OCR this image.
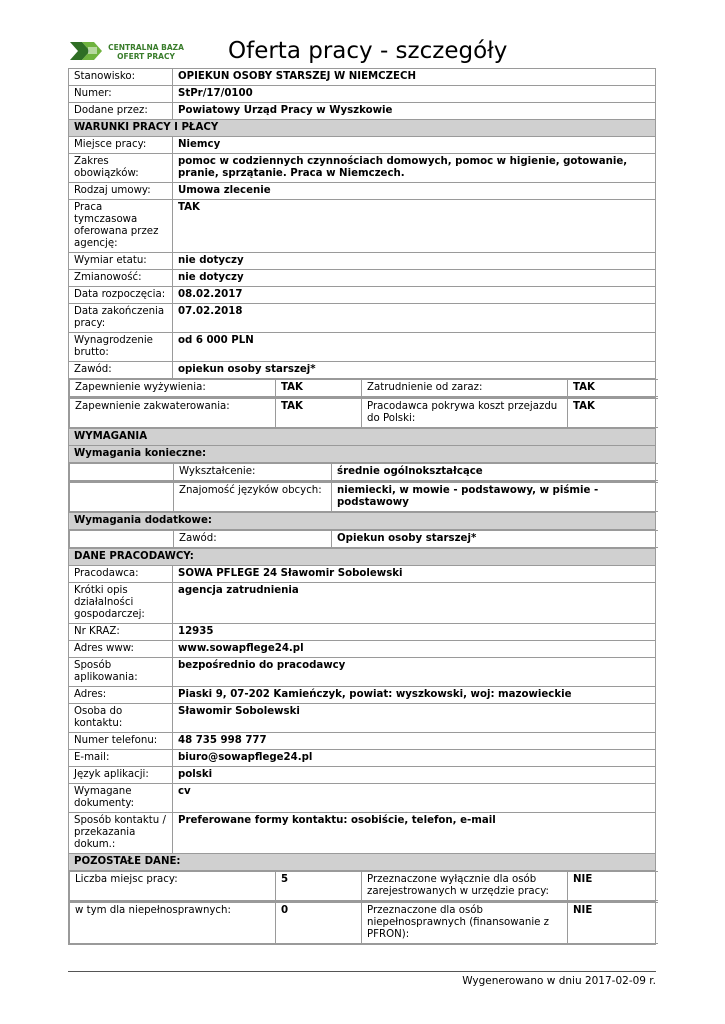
CENTRALNA BAZA
OFERT PRACY	Oferta pracy - szczegóły
Stanowisko:	OPIEKUN OSOBY STARSZEJ W NIEMCZECH
Numer:	StPr/17/0100
Dodane przez:	Powiatowy Urząd Pracy w Wyszkowie
WARUNKI PRACY I PŁACY
Miejsce pracy:	Niemcy
Zakres obowiązków:	pomoc w codziennych czynnościach domowych, pomoc w higienie, gotowanie, pranie, sprzątanie. Praca w Niemczech.
Rodzaj umowy:	Umowa zlecenie
Praca tymczasowa oferowana przez agencję:	TAK
Wymiar etatu:	nie dotyczy
Zmianowość:	nie dotyczy
Data rozpoczęcia:	08.02.2017
Data zakończenia pracy:	07.02.2018
Wynagrodzenie brutto:	od 6 000 PLN
Zawód:	opiekun osoby starszej*

Zapewnienie wyżywienia:	TAK	Zatrudnienie od zaraz:	TAK

Zapewnienie zakwaterowania:	TAK	Pracodawca pokrywa koszt przejazdu do Polski:	TAK

WYMAGANIA
Wymagania konieczne:

	Wykształcenie:	średnie ogólnokształcące

	Znajomość języków obcych:	niemiecki, w mowie - podstawowy, w piśmie - podstawowy

Wymagania dodatkowe:

	Zawód:	Opiekun osoby starszej*

DANE PRACODAWCY:
Pracodawca:	SOWA PFLEGE 24 Sławomir Sobolewski
Krótki opis działalności gospodarczej:	agencja zatrudnienia
Nr KRAZ:	12935
Adres www:	www.sowapflege24.pl
Sposób aplikowania:	bezpośrednio do pracodawcy
Adres:	Piaski 9, 07-202 Kamieńczyk, powiat: wyszkowski, woj: mazowieckie
Osoba do kontaktu:	Sławomir Sobolewski
Numer telefonu:	48 735 998 777
E-mail:	biuro@sowapflege24.pl
Język aplikacji:	polski
Wymagane dokumenty:	cv
Sposób kontaktu / przekazania dokum.:	Preferowane formy kontaktu: osobiście, telefon, e-mail
POZOSTAŁE DANE:

Liczba miejsc pracy:	5	Przeznaczone wyłącznie dla osób zarejestrowanych w urzędzie pracy:	NIE

w tym dla niepełnosprawnych:	0	Przeznaczone dla osób niepełnosprawnych (finansowanie z PFRON):	NIE
Wygenerowano w dniu 2017-02-09 r.
